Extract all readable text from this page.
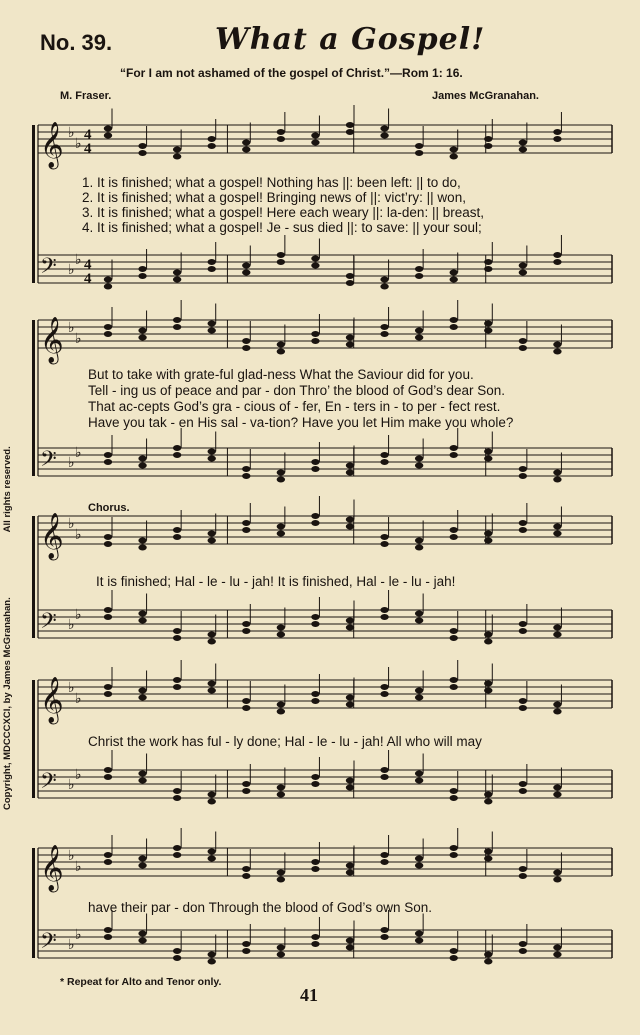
No. 39.	What a Gospel!
“For I am not ashamed of the gospel of Christ.”—Rom 1: 16.
M. Fraser.	James McGranahan.
Copyright, MDCCCXCI, by James McGranahan.  All rights reserved.
𝄞 ♭
♭
4
4
𝄢 ♭
♭ 4
4
𝄞 ♭
♭
𝄢 ♭
♭
𝄞 ♭
♭
𝄢 ♭
♭
𝄞 ♭
♭
𝄢 ♭
♭
𝄞 ♭
♭
𝄢 ♭
♭
1. It is finished; what a gospel! Nothing has ||: been left: || to do,
2. It is finished; what a gospel! Bringing news of ||: vict’ry: || won,
3. It is finished; what a gospel! Here each weary ||: la-den: || breast,
4. It is finished; what a gospel! Je - sus died ||: to save: || your soul;
But to take with grate-ful glad-ness What the Saviour did for you.
Tell - ing us of peace and par - don Thro’ the blood of God’s dear Son.
That ac-cepts God’s gra - cious of - fer, En - ters in - to per - fect rest.
Have you tak - en His sal - va-tion? Have you let Him make you whole?
Chorus.
It is finished; Hal - le - lu - jah! It is finished, Hal - le - lu - jah!
Christ the work has ful - ly done; Hal - le - lu - jah! All who will may
have their par - don Through the blood of God’s own Son.
* Repeat for Alto and Tenor only.
41
